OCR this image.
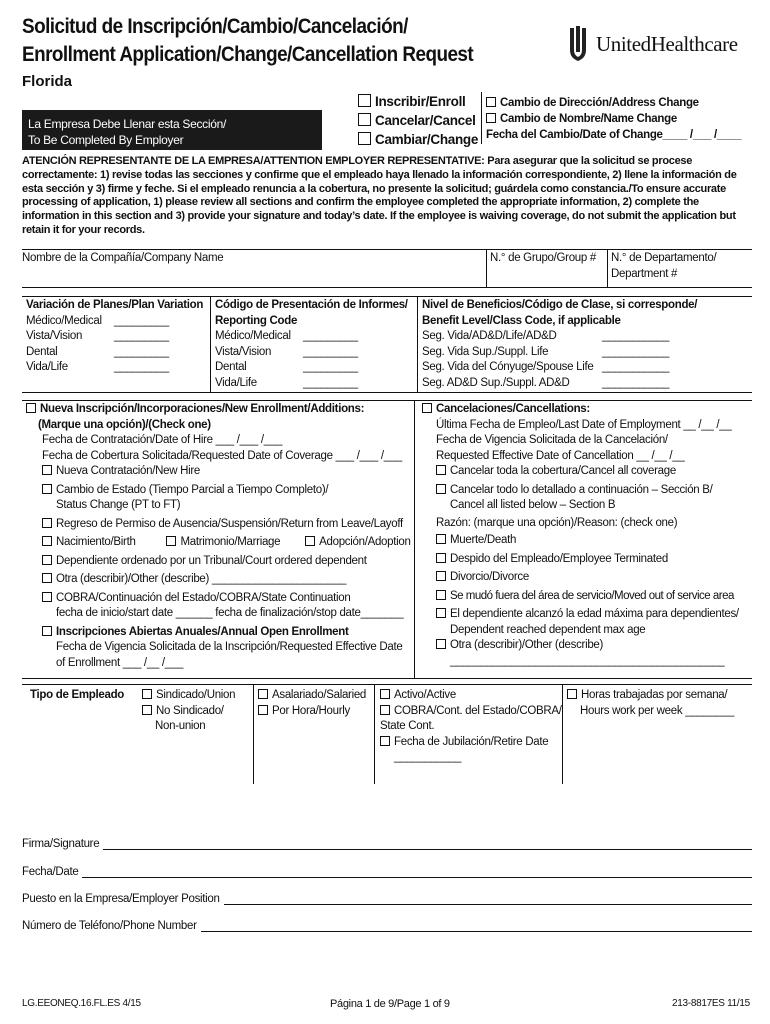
Solicitud de Inscripción/Cambio/Cancelación/
Enrollment Application/Change/Cancellation Request
Florida
UnitedHealthcare
La Empresa Debe Llenar esta Sección/
To Be Completed By Employer
Inscribir/Enroll
Cancelar/Cancel
Cambiar/Change
Cambio de Dirección/Address Change
Cambio de Nombre/Name Change
Fecha del Cambio/Date of Change____ /___ /____
ATENCIÓN REPRESENTANTE DE LA EMPRESA/ATTENTION EMPLOYER REPRESENTATIVE: Para asegurar que la solicitud se procese correctamente: 1) revise todas las secciones y confirme que el empleado haya llenado la información correspondiente, 2) llene la información de esta sección y 3) firme y feche. Si el empleado renuncia a la cobertura, no presente la solicitud; guárdela como constancia./To ensure accurate processing of application, 1) please review all sections and confirm the employee completed the appropriate information, 2) complete the information in this section and 3) provide your signature and today’s date. If the employee is waiving coverage, do not submit the application but retain it for your records.
Nombre de la Compañía/Company Name	N.° de Grupo/Group # N.° de Departamento/
Department #
Variación de Planes/Plan Variation
Médico/Medical _________
Vista/Vision	_________
Dental	_________
Vida/Life	_________
Código de Presentación de Informes/
Reporting Code
Médico/Medical _________
Vista/Vision	_________
Dental	_________
Vida/Life	_________
Nivel de Beneficios/Código de Clase, si corresponde/
Benefit Level/Class Code, if applicable
Seg. Vida/AD&D/Life/AD&D	___________
Seg. Vida Sup./Suppl. Life	___________
Seg. Vida del Cónyuge/Spouse Life ___________
Seg. AD&D Sup./Suppl. AD&D	___________
Nueva Inscripción/Incorporaciones/New Enrollment/Additions:
(Marque una opción)/(Check one)
Fecha de Contratación/Date of Hire ___ /___ /___
Fecha de Cobertura Solicitada/Requested Date of Coverage ___ /___ /___
Nueva Contratación/New Hire
Cambio de Estado (Tiempo Parcial a Tiempo Completo)/
Status Change (PT to FT)
Regreso de Permiso de Ausencia/Suspensión/Return from Leave/Layoff
Nacimiento/Birth	Matrimonio/Marriage	Adopción/Adoption
Dependiente ordenado por un Tribunal/Court ordered dependent
Otra (describir)/Other (describe) ______________________
COBRA/Continuación del Estado/COBRA/State Continuation
fecha de inicio/start date ______ fecha de finalización/stop date_______
Inscripciones Abiertas Anuales/Annual Open Enrollment
Fecha de Vigencia Solicitada de la Inscripción/Requested Effective Date
of Enrollment ___ /__ /___
Cancelaciones/Cancellations:
Última Fecha de Empleo/Last Date of Employment __ /__ /__
Fecha de Vigencia Solicitada de la Cancelación/
Requested Effective Date of Cancellation __ /__ /__
Cancelar toda la cobertura/Cancel all coverage
Cancelar todo lo detallado a continuación – Sección B/
Cancel all listed below – Section B
Razón: (marque una opción)/Reason: (check one)
Muerte/Death
Despido del Empleado/Employee Terminated
Divorcio/Divorce
Se mudó fuera del área de servicio/Moved out of service area
El dependiente alcanzó la edad máxima para dependientes/
Dependent reached dependent max age
Otra (describir)/Other (describe)
_____________________________________________
Tipo de Empleado	Sindicado/Union
No Sindicado/
Non-union
Asalariado/Salaried
Por Hora/Hourly
Activo/Active
COBRA/Cont. del Estado/COBRA/
State Cont.
Fecha de Jubilación/Retire Date
___________
Horas trabajadas por semana/
Hours work per week ________
Firma/Signature
Fecha/Date
Puesto en la Empresa/Employer Position
Número de Teléfono/Phone Number
LG.EEONEQ.16.FL.ES 4/15	Página 1 de 9/Page 1 of 9	213-8817ES 11/15
